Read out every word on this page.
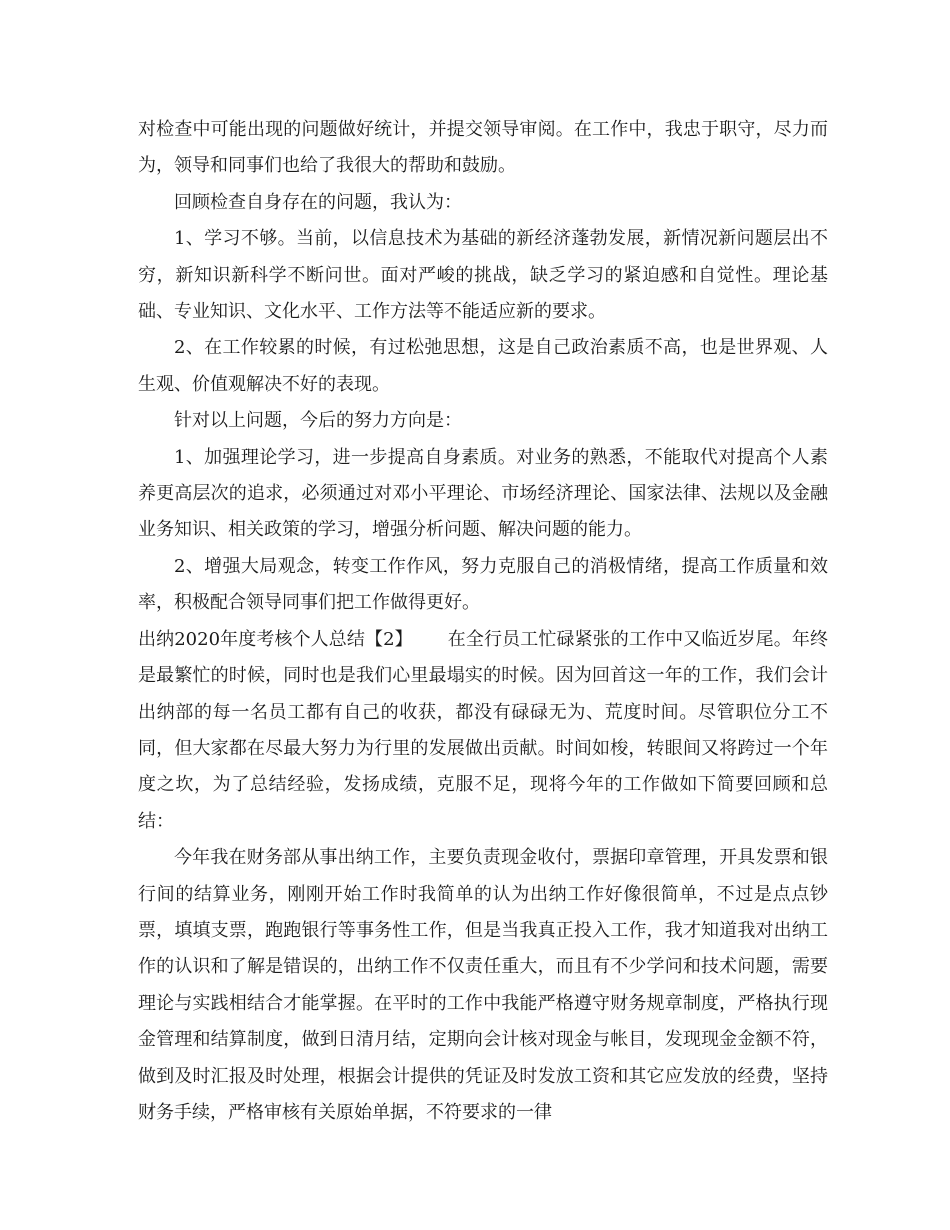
对检查中可能出现的问题做好统计，并提交领导审阅。在工作中，我忠于职守，尽力而为，领导和同事们也给了我很大的帮助和鼓励。

回顾检查自身存在的问题，我认为：

1、学习不够。当前，以信息技术为基础的新经济蓬勃发展，新情况新问题层出不穷，新知识新科学不断问世。面对严峻的挑战，缺乏学习的紧迫感和自觉性。理论基础、专业知识、文化水平、工作方法等不能适应新的要求。

2、在工作较累的时候，有过松弛思想，这是自己政治素质不高，也是世界观、人生观、价值观解决不好的表现。

针对以上问题，今后的努力方向是：

1、加强理论学习，进一步提高自身素质。对业务的熟悉，不能取代对提高个人素养更高层次的追求，必须通过对邓小平理论、市场经济理论、国家法律、法规以及金融业务知识、相关政策的学习，增强分析问题、解决问题的能力。

2、增强大局观念，转变工作作风，努力克服自己的消极情绪，提高工作质量和效率，积极配合领导同事们把工作做得更好。

出纳2020年度考核个人总结【2】 在全行员工忙碌紧张的工作中又临近岁尾。年终是最繁忙的时候，同时也是我们心里最塌实的时候。因为回首这一年的工作，我们会计出纳部的每一名员工都有自己的收获，都没有碌碌无为、荒度时间。尽管职位分工不同，但大家都在尽最大努力为行里的发展做出贡献。时间如梭，转眼间又将跨过一个年度之坎，为了总结经验，发扬成绩，克服不足，现将今年的工作做如下简要回顾和总结：

今年我在财务部从事出纳工作，主要负责现金收付，票据印章管理，开具发票和银行间的结算业务，刚刚开始工作时我简单的认为出纳工作好像很简单，不过是点点钞票，填填支票，跑跑银行等事务性工作，但是当我真正投入工作，我才知道我对出纳工作的认识和了解是错误的，出纳工作不仅责任重大，而且有不少学问和技术问题，需要理论与实践相结合才能掌握。在平时的工作中我能严格遵守财务规章制度，严格执行现金管理和结算制度，做到日清月结，定期向会计核对现金与帐目，发现现金金额不符，做到及时汇报及时处理，根据会计提供的凭证及时发放工资和其它应发放的经费，坚持财务手续，严格审核有关原始单据，不符要求的一律
